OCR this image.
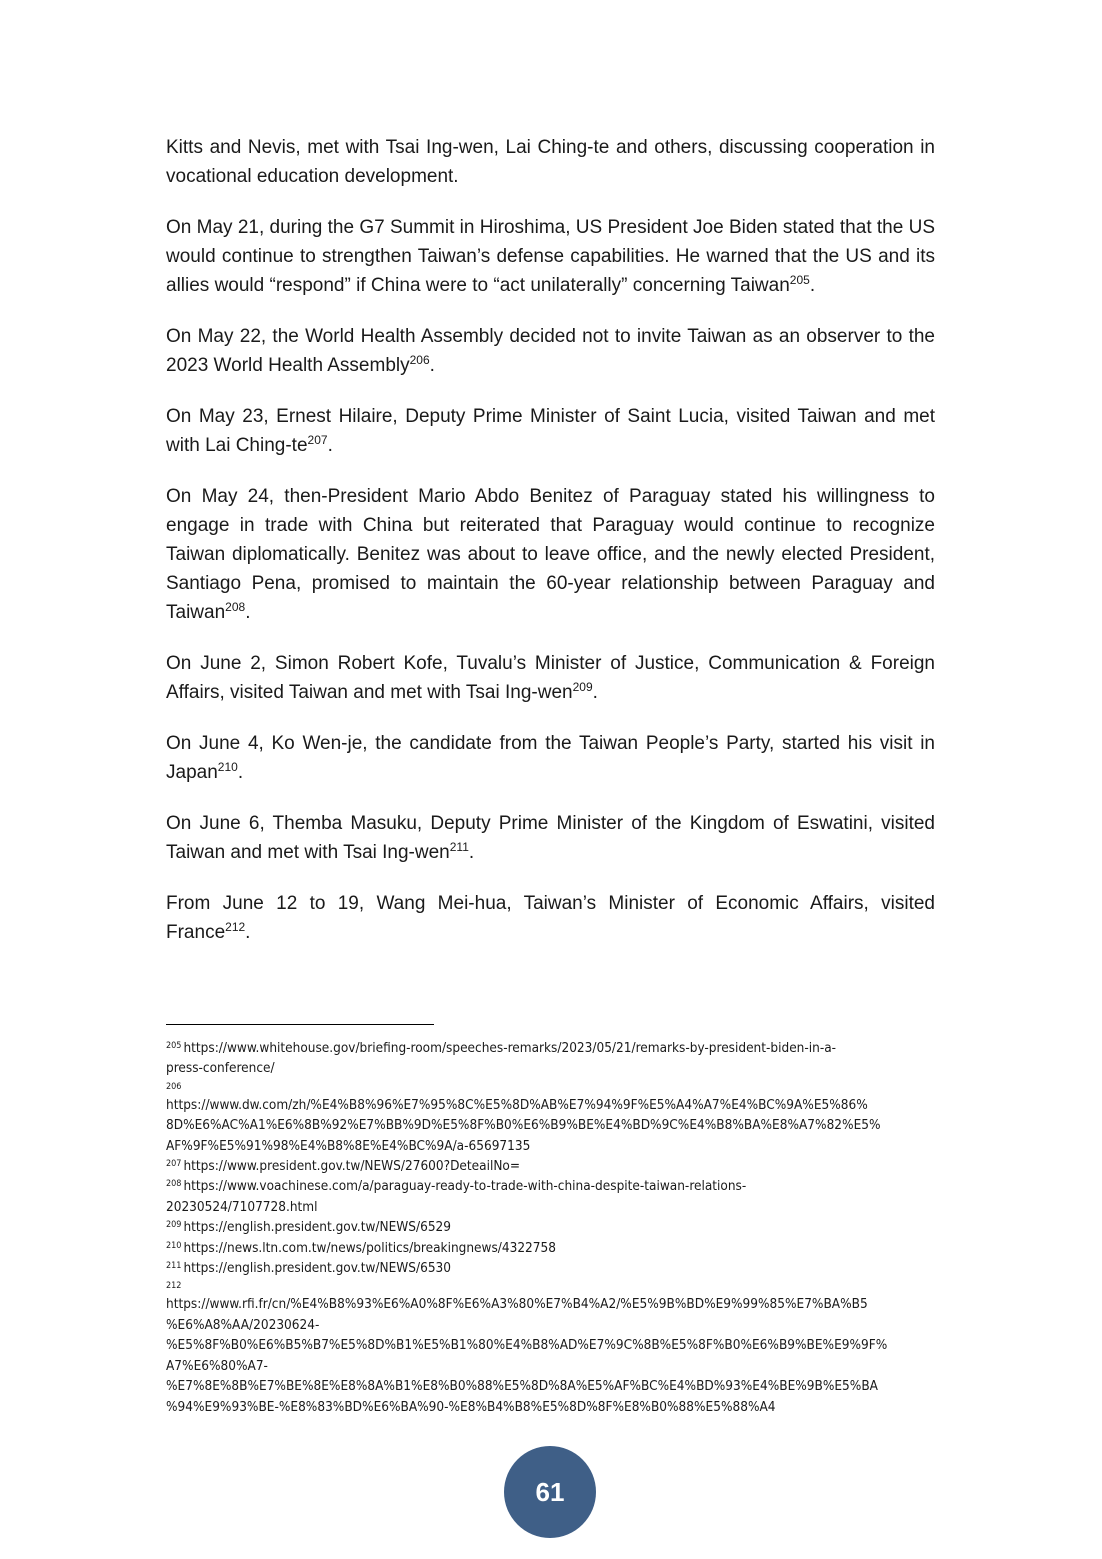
Kitts and Nevis, met with Tsai Ing-wen, Lai Ching-te and others, discussing cooperation in vocational education development.

On May 21, during the G7 Summit in Hiroshima, US President Joe Biden stated that the US would continue to strengthen Taiwan’s defense capabilities. He warned that the US and its allies would “respond” if China were to “act unilaterally” concerning Taiwan$^{205}$.

On May 22, the World Health Assembly decided not to invite Taiwan as an observer to the 2023 World Health Assembly$^{206}$.

On May 23, Ernest Hilaire, Deputy Prime Minister of Saint Lucia, visited Taiwan and met with Lai Ching-$te^{207}$.

On May 24, then-President Mario Abdo Benitez of Paraguay stated his willingness to engage in trade with China but reiterated that Paraguay would continue to recognize Taiwan diplomatically. Benitez was about to leave office, and the newly elected President, Santiago Pena, promised to maintain the 60-year relationship between Paraguay and Taiwan$^{208}$.

On June 2, Simon Robert Kofe, Tuvalu’s Minister of Justice, Communication & Foreign Affairs, visited Taiwan and met with Tsai Ing-wen$^{209}$.

On June 4, Ko Wen-je, the candidate from the Taiwan People’s Party, started his visit in Japan$^{210}$.

On June 6, Themba Masuku, Deputy Prime Minister of the Kingdom of Eswatini, visited Taiwan and met with Tsai Ing-wen$^{211}$.

From June 12 to 19, Wang Mei-hua, Taiwan’s Minister of Economic Affairs, visited France$^{212}$.

$^{205}$ https://www.whitehouse.gov/briefing-room/speeches-remarks/2023/05/21/remarks-by-president-biden-in-a-
press-conference/
206
https://www.dw.com/zh/%E4%B8%96%E7%95%8C%E5%8D%AB%E7%94%9F%E5%A4%A7%E4%BC%9A%E5%86%
8D%E6%AC%A1%E6%8B%92%E7%BB%9D%E5%8F%B0%E6%B9%BE%E4%BD%9C%E4%B8%BA%E8%A7%82%E5%
AF%9F%E5%91%98%E4%B8%8E%E4%BC%9A/a-65697135
$^{207}$ https://www.president.gov.tw/NEWS/27600?DeteailNo=
$^{208}$ https://www.voachinese.com/a/paraguay-ready-to-trade-with-china-despite-taiwan-relations-
20230524/7107728.html
$^{209}$ https://english.president.gov.tw/NEWS/6529
$^{210}$ https://news.ltn.com.tw/news/politics/breakingnews/4322758
$^{211}$ https://english.president.gov.tw/NEWS/6530
212
https://www.rfi.fr/cn/%E4%B8%93%E6%A0%8F%E6%A3%80%E7%B4%A2/%E5%9B%BD%E9%99%85%E7%BA%B5
%E6%A8%AA/20230624-
%E5%8F%B0%E6%B5%B7%E5%8D%B1%E5%B1%80%E4%B8%AD%E7%9C%8B%E5%8F%B0%E6%B9%BE%E9%9F%
A7%E6%80%A7-
%E7%8E%8B%E7%BE%8E%E8%8A%B1%E8%B0%88%E5%8D%8A%E5%AF%BC%E4%BD%93%E4%BE%9B%E5%BA
%94%E9%93%BE-%E8%83%BD%E6%BA%90-%E8%B4%B8%E5%8D%8F%E8%B0%88%E5%88%A4
61
